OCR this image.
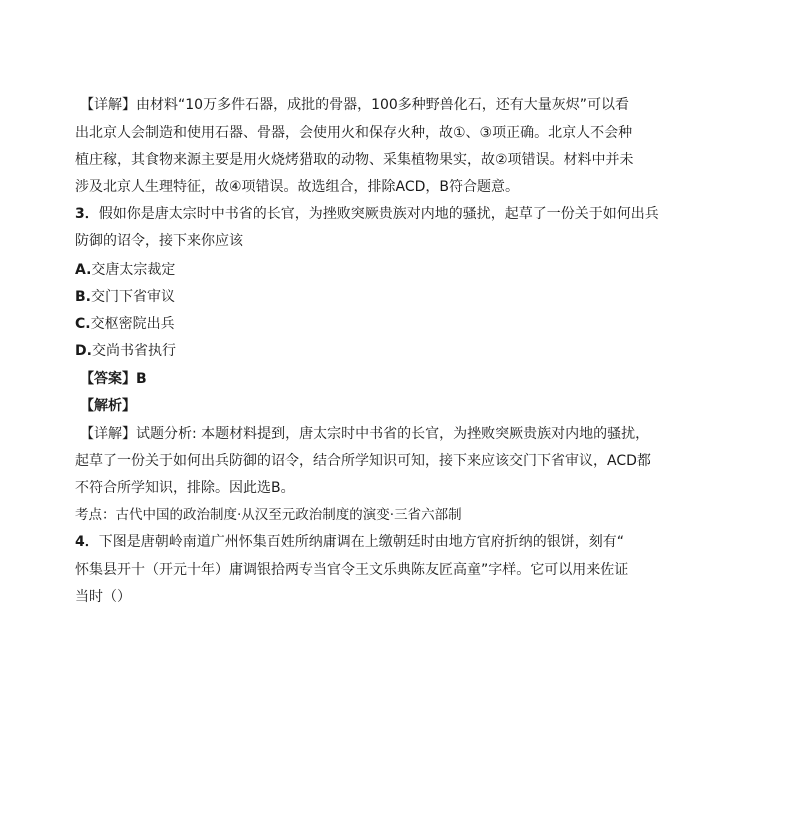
【详解】由材料“10万多件石器，成批的骨器，100多种野兽化石，还有大量灰烬”可以看
出北京人会制造和使用石器、骨器，会使用火和保存火种，故①、③项正确。北京人不会种
植庄稼，其食物来源主要是用火烧烤猎取的动物、采集植物果实，故②项错误。材料中并未
涉及北京人生理特征，故④项错误。故选组合，排除ACD，B符合题意。
3．假如你是唐太宗时中书省的长官，为挫败突厥贵族对内地的骚扰，起草了一份关于如何出兵
防御的诏令，接下来你应该
A.交唐太宗裁定
B.交门下省审议
C.交枢密院出兵
D.交尚书省执行
【答案】B
【解析】
【详解】试题分析: 本题材料提到，唐太宗时中书省的长官，为挫败突厥贵族对内地的骚扰，
起草了一份关于如何出兵防御的诏令，结合所学知识可知，接下来应该交门下省审议，ACD都
不符合所学知识，排除。因此选B。
考点：古代中国的政治制度·从汉至元政治制度的演变·三省六部制
4．下图是唐朝岭南道广州怀集百姓所纳庸调在上缴朝廷时由地方官府折纳的银饼，刻有“
怀集县开十（开元十年）庸调银拾两专当官令王文乐典陈友匠高童”字样。它可以用来佐证
当时（）
